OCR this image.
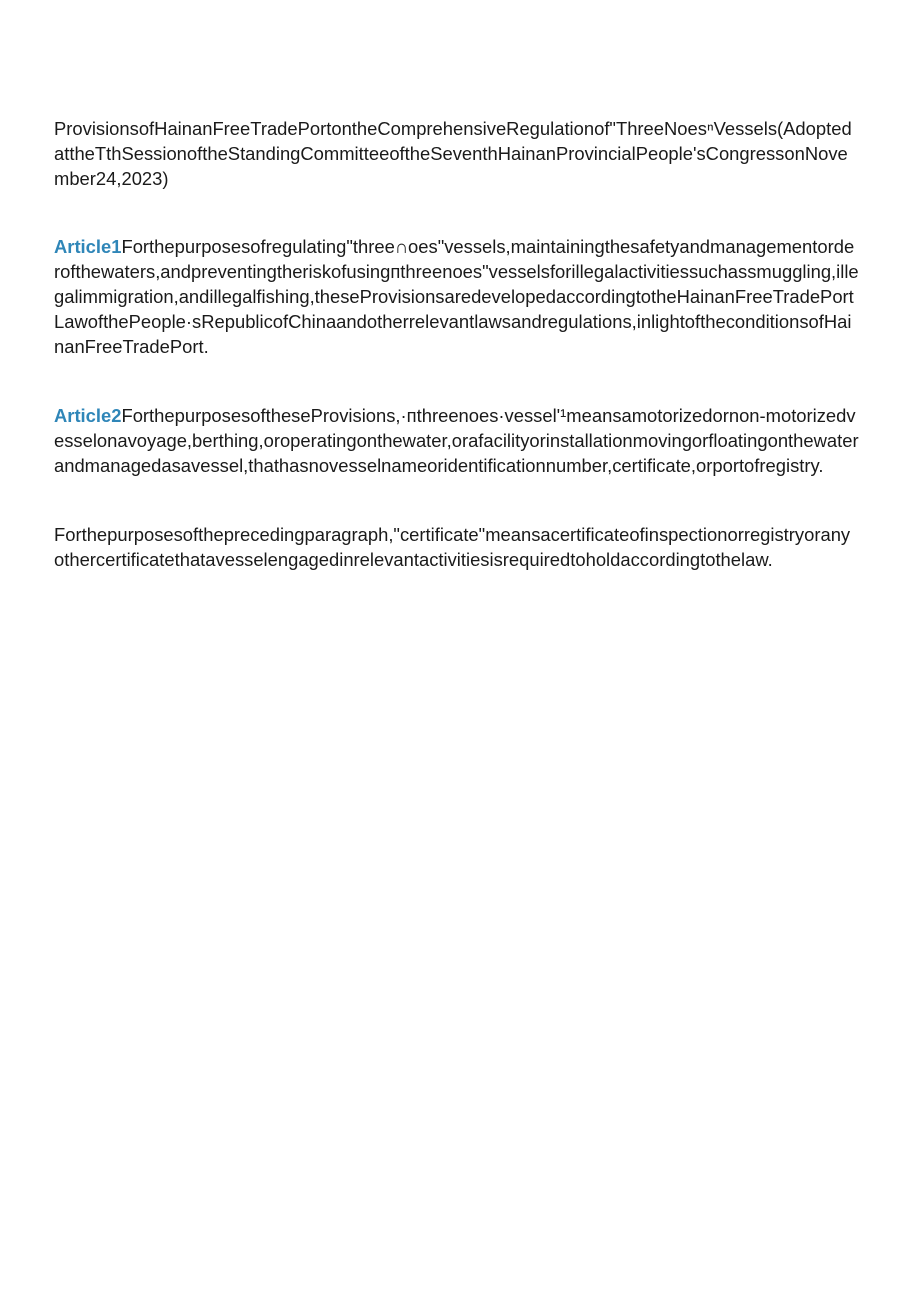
ProvisionsofHainanFreeTradePortontheComprehensiveRegulationof"ThreeNoesⁿVessels(AdoptedattheTthSessionoftheStandingCommitteeoftheSeventhHainanProvincialPeople'sCongressonNovember24,2023)

Article1Forthepurposesofregulating"three∩oes"vessels,maintainingthesafetyandmanagementorderofthewaters,andpreventingtheriskofusingᴨthreenoes"vesselsforillegalactivitiessuchassmuggling,illegalimmigration,andillegalfishing,theseProvisionsaredevelopedaccordingtotheHainanFreeTradePortLawofthePeople·sRepublicofChinaandotherrelevantlawsandregulations,inlightoftheconditionsofHainanFreeTradePort.

Article2ForthepurposesoftheseProvisions,·ᴨthreenoes·vessel'¹meansamotorizedornon-motorizedvesselonavoyage,berthing,oroperatingonthewater,orafacilityorinstallationmovingorfloatingonthewaterandmanagedasavessel,thathasnovesselnameoridentificationnumber,certificate,orportofregistry.

Forthepurposesoftheprecedingparagraph,"certificate"meansacertificateofinspectionorregistryoranyothercertificatethatavesselengagedinrelevantactivitiesisrequiredtoholdaccordingtothelaw.
